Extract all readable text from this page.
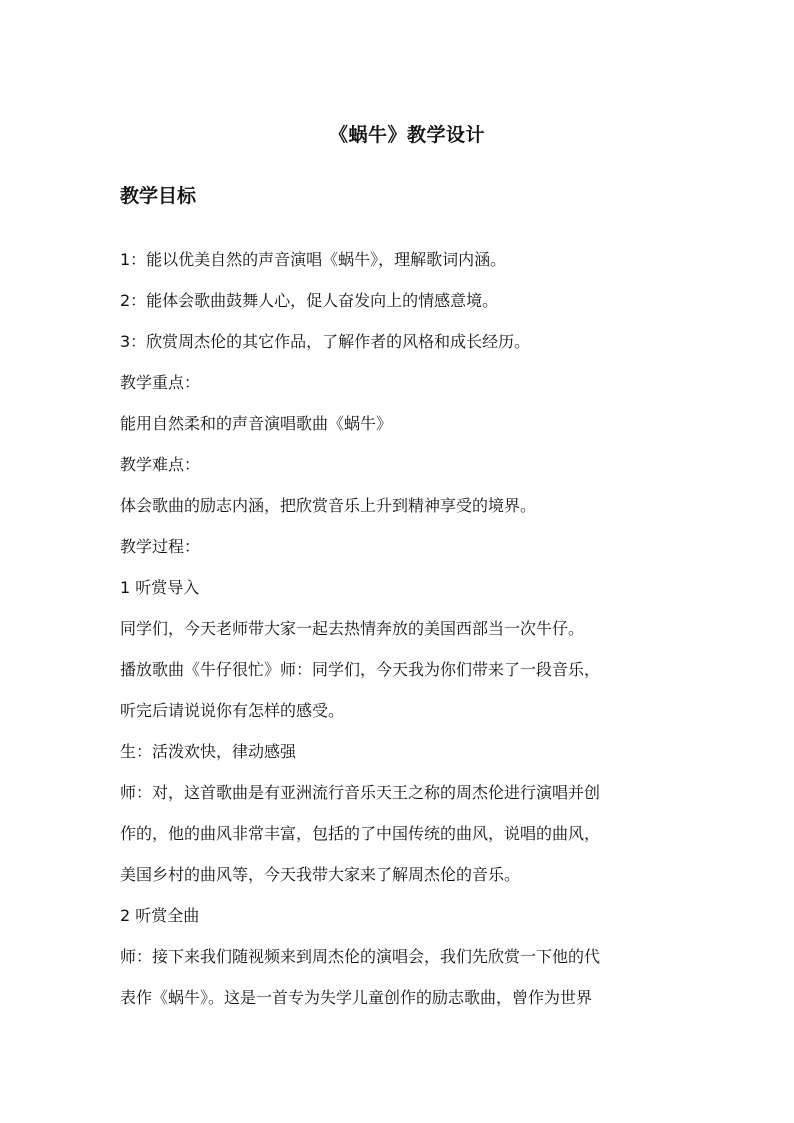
《蜗牛》教学设计
教学目标
1：能以优美自然的声音演唱《蜗牛》，理解歌词内涵。
2：能体会歌曲鼓舞人心，促人奋发向上的情感意境。
3：欣赏周杰伦的其它作品，了解作者的风格和成长经历。
教学重点：
能用自然柔和的声音演唱歌曲《蜗牛》
教学难点：
体会歌曲的励志内涵，把欣赏音乐上升到精神享受的境界。
教学过程：
1 听赏导入
同学们，今天老师带大家一起去热情奔放的美国西部当一次牛仔。
播放歌曲《牛仔很忙》师：同学们，今天我为你们带来了一段音乐，
听完后请说说你有怎样的感受。
生：活泼欢快，律动感强
师：对，这首歌曲是有亚洲流行音乐天王之称的周杰伦进行演唱并创
作的，他的曲风非常丰富，包括的了中国传统的曲风，说唱的曲风，
美国乡村的曲风等，今天我带大家来了解周杰伦的音乐。
2 听赏全曲
师：接下来我们随视频来到周杰伦的演唱会，我们先欣赏一下他的代
表作《蜗牛》。这是一首专为失学儿童创作的励志歌曲，曾作为世界
